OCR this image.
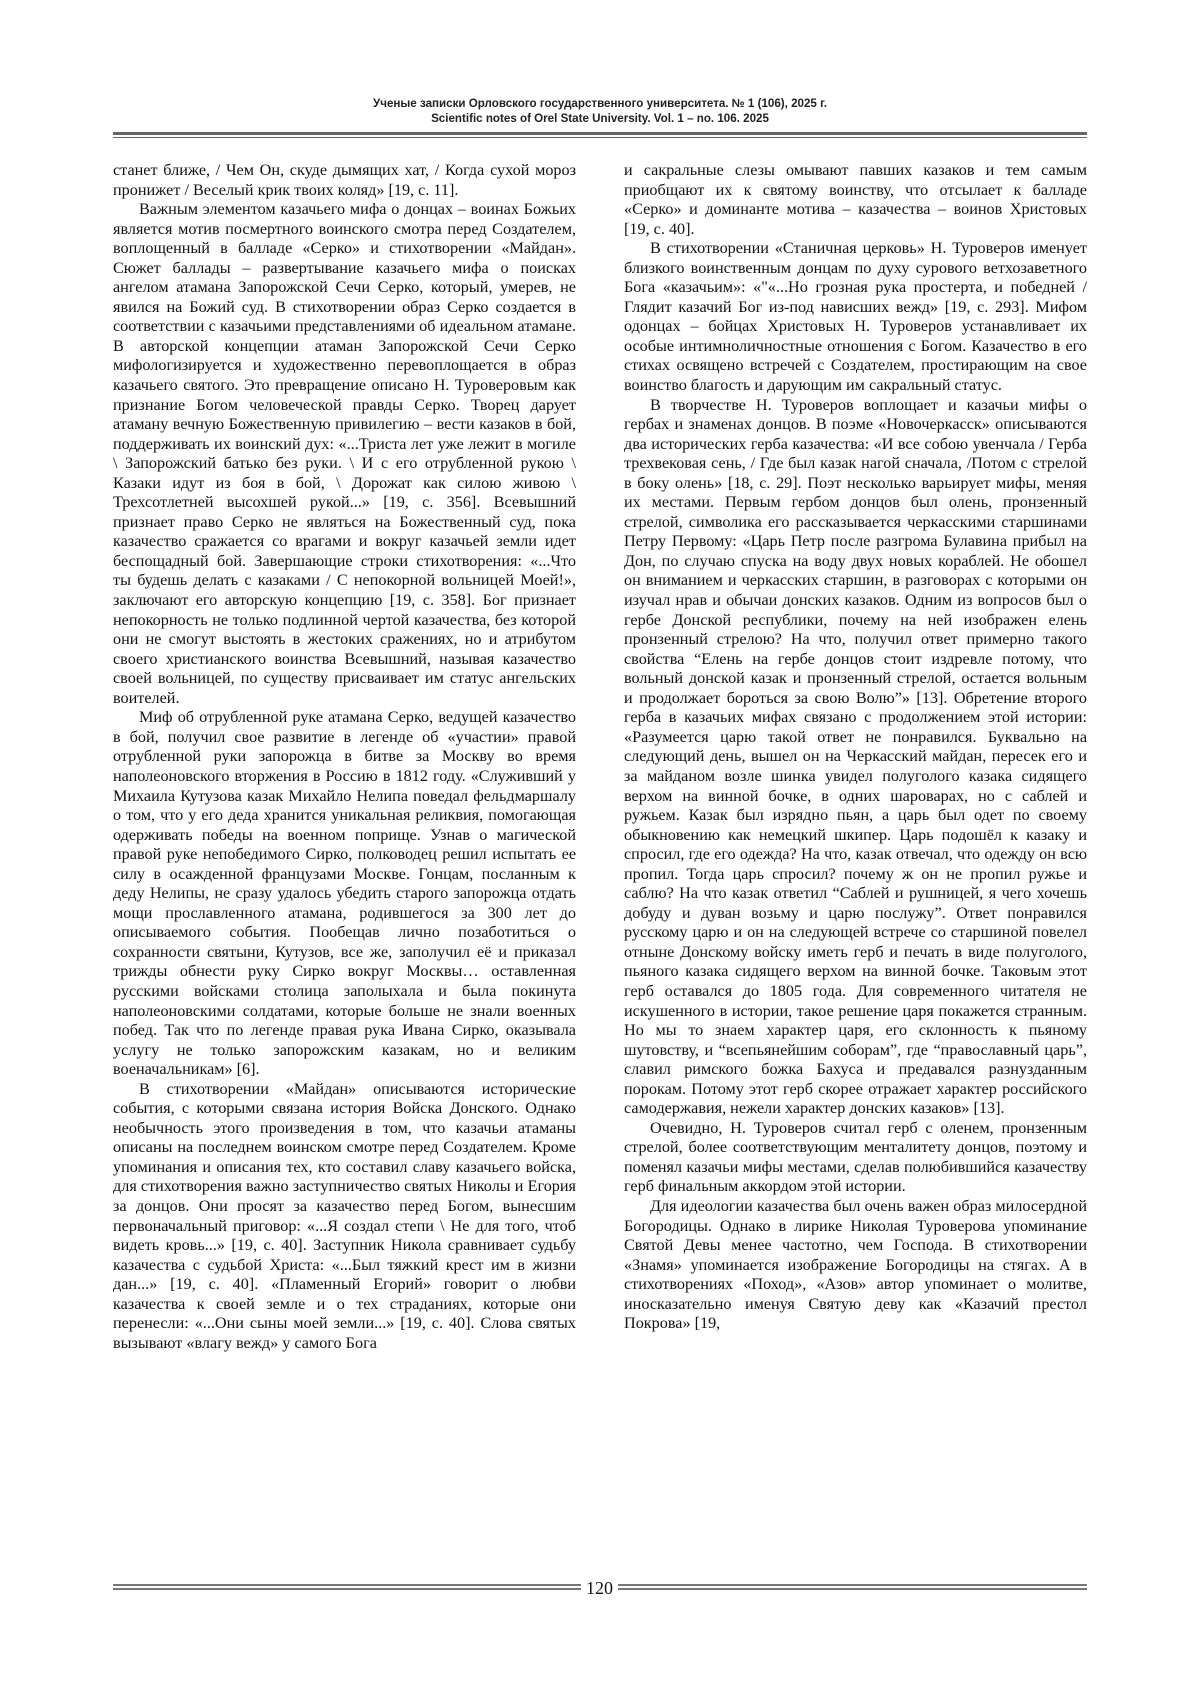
Ученые записки Орловского государственного университета. № 1 (106), 2025 г.
Scientific notes of Orel State University. Vol. 1 – no. 106. 2025

станет ближе, / Чем Он, скуде дымящих хат, / Когда сухой мороз пронижет / Веселый крик твоих коляд» [19, с. 11].

Важным элементом казачьего мифа о донцах – воинах Божьих является мотив посмертного воинского смотра перед Создателем, воплощенный в балладе «Серко» и стихотворении «Майдан». Сюжет баллады – развертывание казачьего мифа о поисках ангелом атамана Запорожской Сечи Серко, который, умерев, не явился на Божий суд. В стихотворении образ Серко создается в соответствии с казачьими представлениями об идеальном атамане. В авторской концепции атаман Запорожской Сечи Серко мифологизируется и художественно перевоплощается в образ казачьего святого. Это превращение описано Н. Туроверовым как признание Богом человеческой правды Серко. Творец дарует атаману вечную Божественную привилегию – вести казаков в бой, поддерживать их воинский дух: «...Триста лет уже лежит в могиле \ Запорожский батько без руки. \ И с его отрубленной рукою \ Казаки идут из боя в бой, \ Дорожат как силою живою \ Трехсотлетней высохшей рукой...» [19, с. 356]. Всевышний признает право Серко не являться на Божественный суд, пока казачество сражается со врагами и вокруг казачьей земли идет беспощадный бой. Завершающие строки стихотворения: «...Что ты будешь делать с казаками / С непокорной вольницей Моей!», заключают его авторскую концепцию [19, с. 358]. Бог признает непокорность не только подлинной чертой казачества, без которой они не смогут выстоять в жестоких сражениях, но и атрибутом своего христианского воинства Всевышний, называя казачество своей вольницей, по существу присваивает им статус ангельских воителей.

Миф об отрубленной руке атамана Серко, ведущей казачество в бой, получил свое развитие в легенде об «участии» правой отрубленной руки запорожца в битве за Москву во время наполеоновского вторжения в Россию в 1812 году. «Служивший у Михаила Кутузова казак Михайло Нелипа поведал фельдмаршалу о том, что у его деда хранится уникальная реликвия, помогающая одерживать победы на военном поприще. Узнав о магической правой руке непобедимого Сирко, полководец решил испытать ее силу в осажденной французами Москве. Гонцам, посланным к деду Нелипы, не сразу удалось убедить старого запорожца отдать мощи прославленного атамана, родившегося за 300 лет до описываемого события. Пообещав лично позаботиться о сохранности святыни, Кутузов, все же, заполучил её и приказал трижды обнести руку Сирко вокруг Москвы… оставленная русскими войсками столица заполыхала и была покинута наполеоновскими солдатами, которые больше не знали военных побед. Так что по легенде правая рука Ивана Сирко, оказывала услугу не только запорожским казакам, но и великим военачальникам» [6].

В стихотворении «Майдан» описываются исторические события, с которыми связана история Войска Донского. Однако необычность этого произведения в том, что казачьи атаманы описаны на последнем воинском смотре перед Создателем. Кроме упоминания и описания тех, кто составил славу казачьего войска, для стихотворения важно заступничество святых Николы и Егория за донцов. Они просят за казачество перед Богом, вынесшим первоначальный приговор: «...Я создал степи \ Не для того, чтоб видеть кровь...» [19, с. 40]. Заступник Никола сравнивает судьбу казачества с судьбой Христа: «...Был тяжкий крест им в жизни дан...» [19, с. 40]. «Пламенный Егорий» говорит о любви казачества к своей земле и о тех страданиях, которые они перенесли: «...Они сыны моей земли...» [19, с. 40]. Слова святых вызывают «влагу вежд» у самого Бога

и сакральные слезы омывают павших казаков и тем самым приобщают их к святому воинству, что отсылает к балладе «Серко» и доминанте мотива – казачества – воинов Христовых [19, с. 40].

В стихотворении «Станичная церковь» Н. Туроверов именует близкого воинственным донцам по духу сурового ветхозаветного Бога «казачьим»: «"«...Но грозная рука простерта, и победней / Глядит казачий Бог из-под нависших вежд» [19, с. 293]. Мифом одонцах – бойцах Христовых Н. Туроверов устанавливает их особые интимноличностные отношения с Богом. Казачество в его стихах освящено встречей с Создателем, простирающим на свое воинство благость и дарующим им сакральный статус.

В творчестве Н. Туроверов воплощает и казачьи мифы о гербах и знаменах донцов. В поэме «Новочеркасск» описываются два исторических герба казачества: «И все собою увенчала / Герба трехвековая сень, / Где был казак нагой сначала, /Потом с стрелой в боку олень» [18, с. 29]. Поэт несколько варьирует мифы, меняя их местами. Первым гербом донцов был олень, пронзенный стрелой, символика его рассказывается черкасскими старшинами Петру Первому: «Царь Петр после разгрома Булавина прибыл на Дон, по случаю спуска на воду двух новых кораблей. Не обошел он вниманием и черкасских старшин, в разговорах с которыми он изучал нрав и обычаи донских казаков. Одним из вопросов был о гербе Донской республики, почему на ней изображен елень пронзенный стрелою? На что, получил ответ примерно такого свойства “Елень на гербе донцов стоит издревле потому, что вольный донской казак и пронзенный стрелой, остается вольным и продолжает бороться за свою Волю”» [13]. Обретение второго герба в казачьих мифах связано с продолжением этой истории: «Разумеется царю такой ответ не понравился. Буквально на следующий день, вышел он на Черкасский майдан, пересек его и за майданом возле шинка увидел полуголого казака сидящего верхом на винной бочке, в одних шароварах, но с саблей и ружьем. Казак был изрядно пьян, а царь был одет по своему обыкновению как немецкий шкипер. Царь подошёл к казаку и спросил, где его одежда? На что, казак отвечал, что одежду он всю пропил. Тогда царь спросил? почему ж он не пропил ружье и саблю? На что казак ответил “Саблей и рушницей, я чего хочешь добуду и дуван возьму и царю послужу”. Ответ понравился русскому царю и он на следующей встрече со старшиной повелел отныне Донскому войску иметь герб и печать в виде полуголого, пьяного казака сидящего верхом на винной бочке. Таковым этот герб оставался до 1805 года. Для современного читателя не искушенного в истории, такое решение царя покажется странным. Но мы то знаем характер царя, его склонность к пьяному шутовству, и “всепьянейшим соборам”, где “православный царь”, славил римского божка Бахуса и предавался разнузданным порокам. Потому этот герб скорее отражает характер российского самодержавия, нежели характер донских казаков» [13].

Очевидно, Н. Туроверов считал герб с оленем, пронзенным стрелой, более соответствующим менталитету донцов, поэтому и поменял казачьи мифы местами, сделав полюбившийся казачеству герб финальным аккордом этой истории.

Для идеологии казачества был очень важен образ милосердной Богородицы. Однако в лирике Николая Туроверова упоминание Святой Девы менее частотно, чем Господа. В стихотворении «Знамя» упоминается изображение Богородицы на стягах. А в стихотворениях «Поход», «Азов» автор упоминает о молитве, иносказательно именуя Святую деву как «Казачий престол Покрова» [19,

120
